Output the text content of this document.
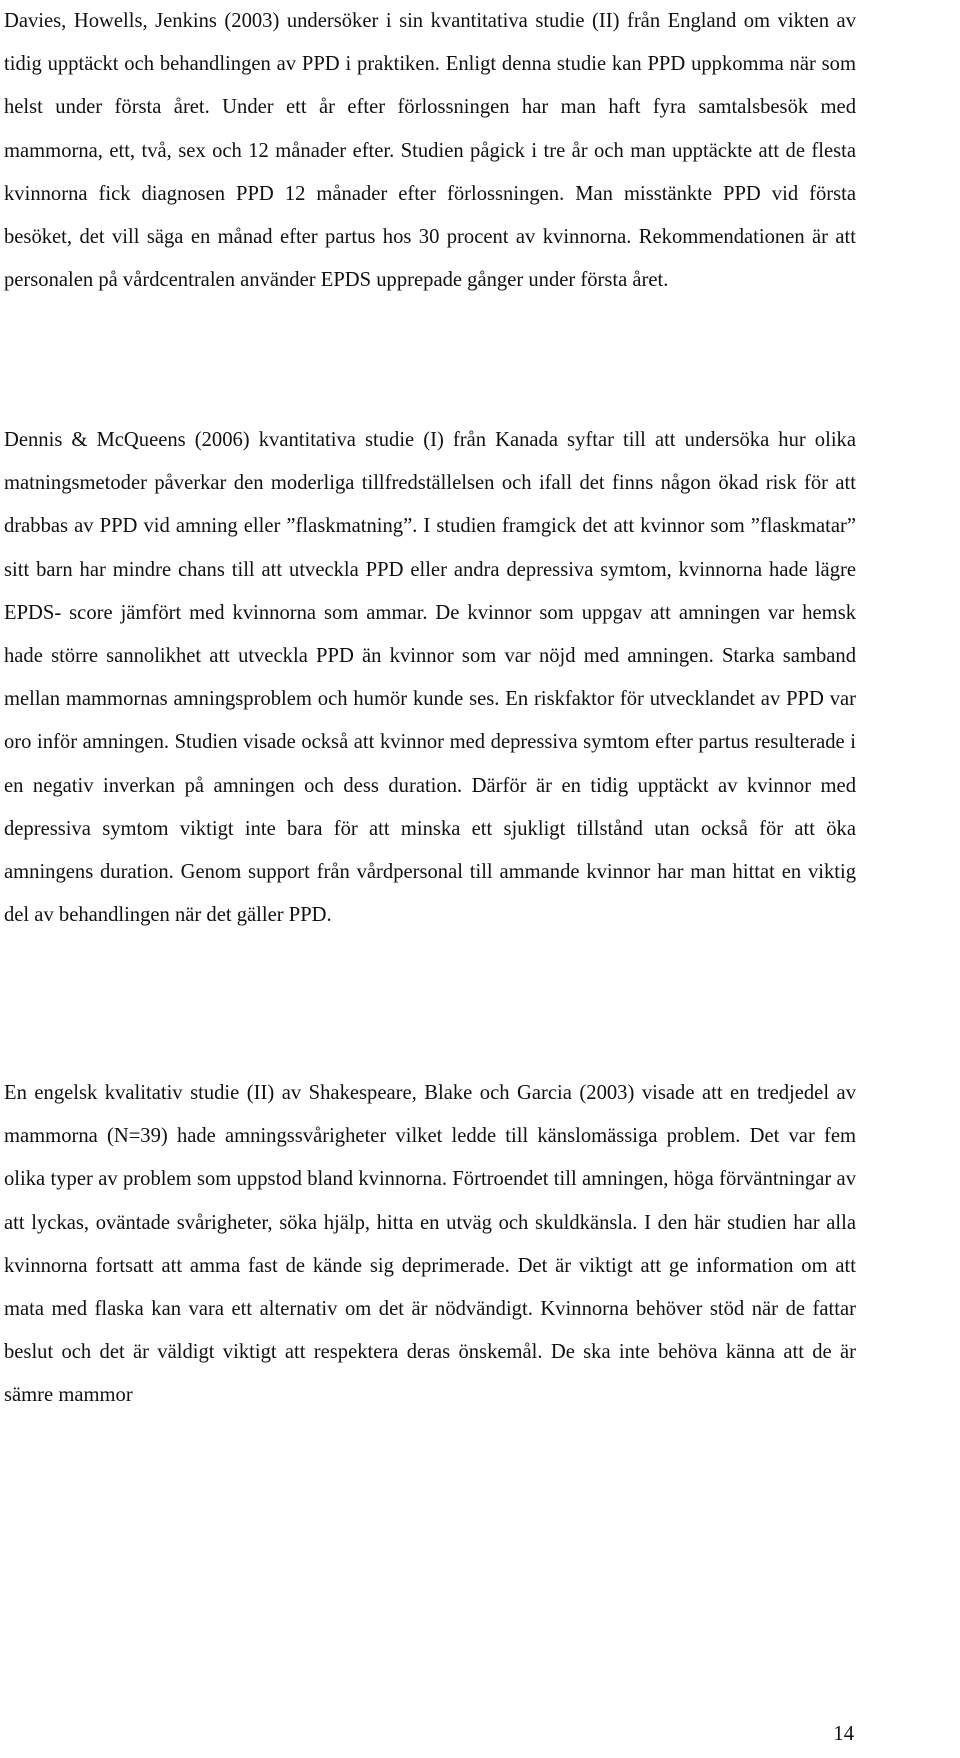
Davies, Howells, Jenkins (2003) undersöker i sin kvantitativa studie (II) från England om vikten av tidig upptäckt och behandlingen av PPD i praktiken. Enligt denna studie kan PPD uppkomma när som helst under första året. Under ett år efter förlossningen har man haft fyra samtalsbesök med mammorna, ett, två, sex och 12 månader efter. Studien pågick i tre år och man upptäckte att de flesta kvinnorna fick diagnosen PPD 12 månader efter förlossningen. Man misstänkte PPD vid första besöket, det vill säga en månad efter partus hos 30 procent av kvinnorna. Rekommendationen är att personalen på vårdcentralen använder EPDS upprepade gånger under första året.

Dennis & McQueens (2006) kvantitativa studie (I) från Kanada syftar till att undersöka hur olika matningsmetoder påverkar den moderliga tillfredställelsen och ifall det finns någon ökad risk för att drabbas av PPD vid amning eller ”flaskmatning”. I studien framgick det att kvinnor som ”flaskmatar” sitt barn har mindre chans till att utveckla PPD eller andra depressiva symtom, kvinnorna hade lägre EPDS- score jämfört med kvinnorna som ammar. De kvinnor som uppgav att amningen var hemsk hade större sannolikhet att utveckla PPD än kvinnor som var nöjd med amningen. Starka samband mellan mammornas amningsproblem och humör kunde ses. En riskfaktor för utvecklandet av PPD var oro inför amningen. Studien visade också att kvinnor med depressiva symtom efter partus resulterade i en negativ inverkan på amningen och dess duration. Därför är en tidig upptäckt av kvinnor med depressiva symtom viktigt inte bara för att minska ett sjukligt tillstånd utan också för att öka amningens duration. Genom support från vårdpersonal till ammande kvinnor har man hittat en viktig del av behandlingen när det gäller PPD.

En engelsk kvalitativ studie (II) av Shakespeare, Blake och Garcia (2003) visade att en tredjedel av mammorna (N=39) hade amningssvårigheter vilket ledde till känslomässiga problem. Det var fem olika typer av problem som uppstod bland kvinnorna. Förtroendet till amningen, höga förväntningar av att lyckas, oväntade svårigheter, söka hjälp, hitta en utväg och skuldkänsla. I den här studien har alla kvinnorna fortsatt att amma fast de kände sig deprimerade. Det är viktigt att ge information om att mata med flaska kan vara ett alternativ om det är nödvändigt. Kvinnorna behöver stöd när de fattar beslut och det är väldigt viktigt att respektera deras önskemål. De ska inte behöva känna att de är sämre mammor

14
